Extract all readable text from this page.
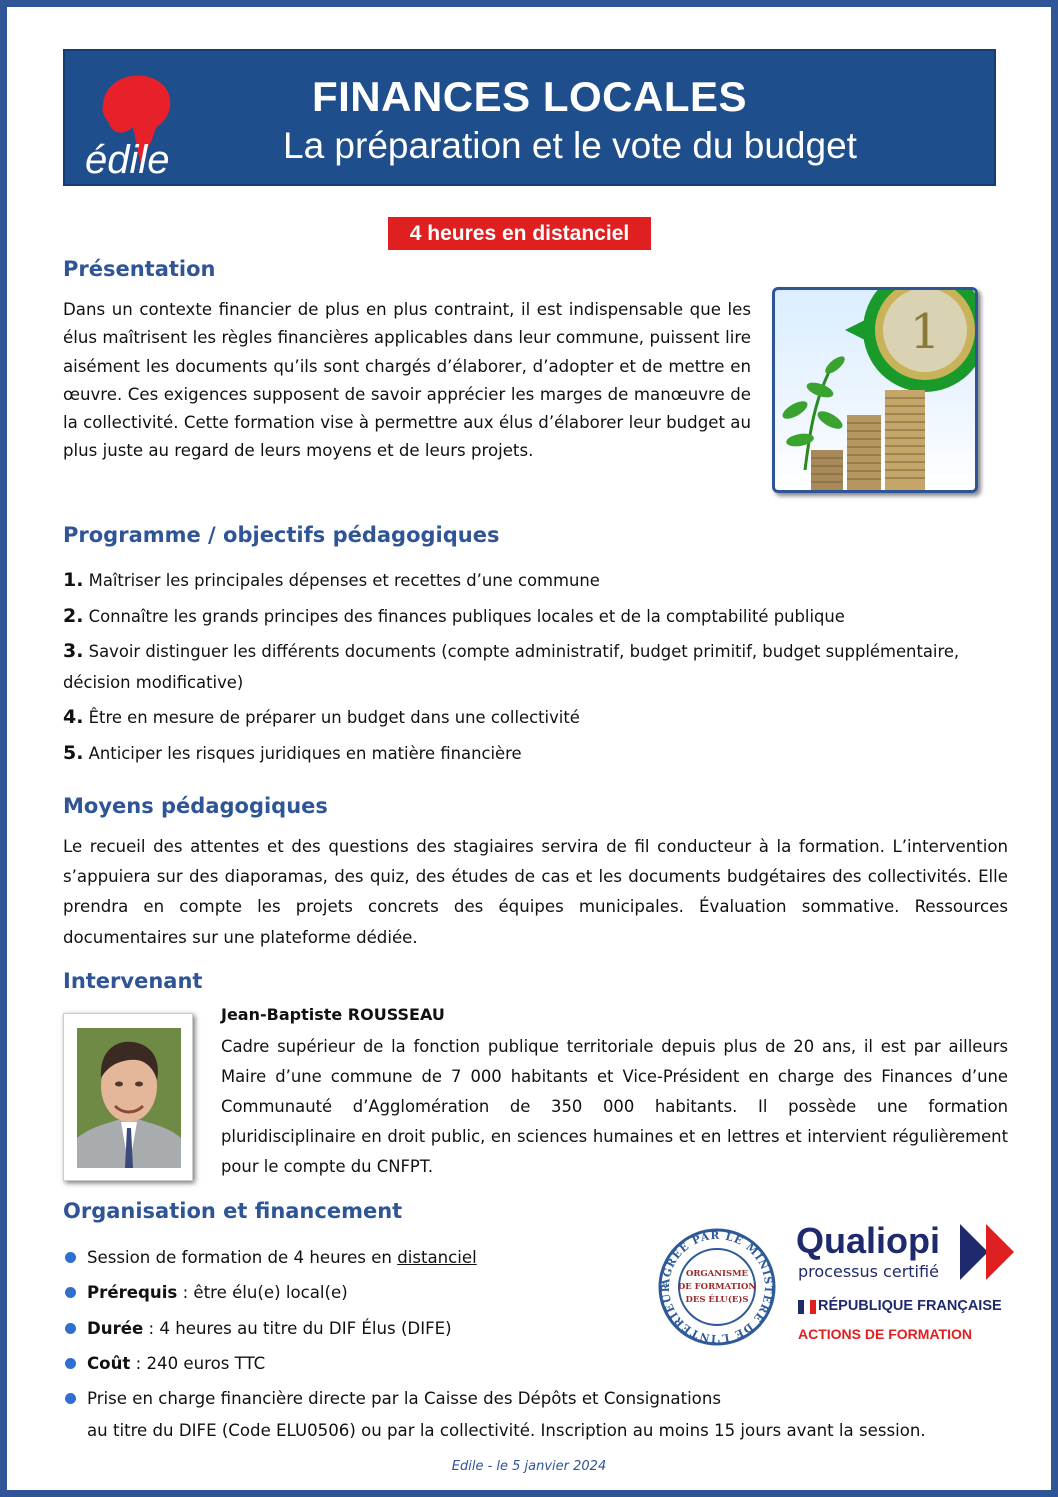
édile
FINANCES LOCALES
La préparation et le vote du budget
4 heures en distanciel
Présentation
Dans un contexte financier de plus en plus contraint, il est indispensable que les élus maîtrisent les règles financières applicables dans leur commune, puissent lire aisément les documents qu’ils sont chargés d’élaborer, d’adopter et de mettre en œuvre. Ces exigences supposent de savoir apprécier les marges de manœuvre de la collectivité. Cette formation vise à permettre aux élus d’élaborer leur budget au plus juste au regard de leurs moyens et de leurs projets.
1
Programme / objectifs pédagogiques
1. Maîtriser les principales dépenses et recettes d’une commune
2. Connaître les grands principes des finances publiques locales et de la comptabilité publique
3. Savoir distinguer les différents documents (compte administratif, budget primitif, budget supplémentaire, décision modificative)
4. Être en mesure de préparer un budget dans une collectivité
5. Anticiper les risques juridiques en matière financière
Moyens pédagogiques
Le recueil des attentes et des questions des stagiaires servira de fil conducteur à la formation. L’intervention s’appuiera sur des diaporamas, des quiz, des études de cas et les documents budgétaires des collectivités. Elle prendra en compte les projets concrets des équipes municipales. Évaluation sommative. Ressources documentaires sur une plateforme dédiée.
Intervenant
Jean-Baptiste ROUSSEAU
Cadre supérieur de la fonction publique territoriale depuis plus de 20 ans, il est par ailleurs Maire d’une commune de 7 000 habitants et Vice-Président en charge des Finances d’une Communauté d’Agglomération de 350 000 habitants. Il possède une formation pluridisciplinaire en droit public, en sciences humaines et en lettres et intervient régulièrement pour le compte du CNFPT.
Organisation et financement
Session de formation de 4 heures en distanciel
Prérequis : être élu(e) local(e)
Durée : 4 heures au titre du DIF Élus (DIFE)
Coût : 240 euros TTC
Prise en charge financière directe par la Caisse des Dépôts et Consignations
au titre du DIFE (Code ELU0506) ou par la collectivité. Inscription au moins 15 jours avant la session.
AGRÉÉ PAR LE MINISTÈRE DE L'INTÉRIEUR
ORGANISME
DE FORMATION
DES ÉLU(E)S
Qualiopi
processus certifié
RÉPUBLIQUE FRANÇAISE
ACTIONS DE FORMATION
Edile - le 5 janvier 2024
